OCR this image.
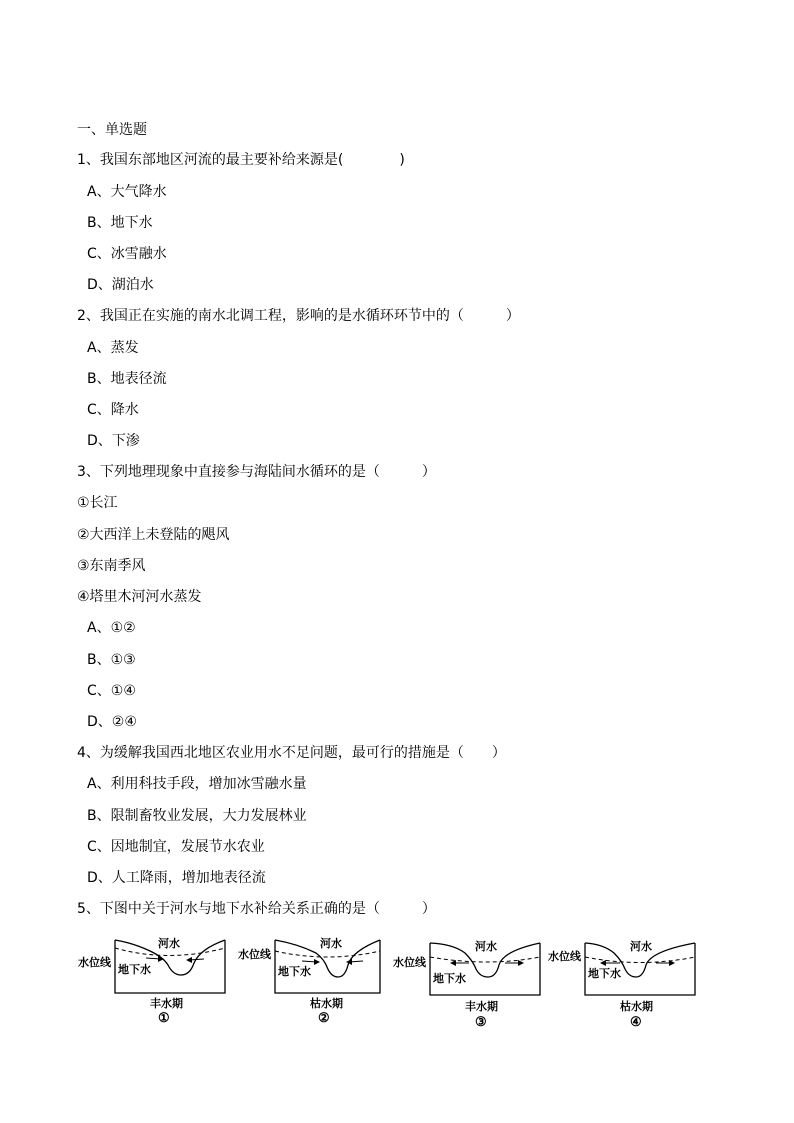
一、单选题
1、我国东部地区河流的最主要补给来源是(　　　　)
A、大气降水
B、地下水
C、冰雪融水
D、湖泊水
2、我国正在实施的南水北调工程，影响的是水循环环节中的（　　　）
A、蒸发
B、地表径流
C、降水
D、下渗
3、下列地理现象中直接参与海陆间水循环的是（　　　）
①长江
②大西洋上未登陆的飓风
③东南季风
④塔里木河河水蒸发
A、①②
B、①③
C、①④
D、②④
4、为缓解我国西北地区农业用水不足问题，最可行的措施是（　　）
A、利用科技手段，增加冰雪融水量
B、限制畜牧业发展，大力发展林业
C、因地制宜，发展节水农业
D、人工降雨，增加地表径流
5、下图中关于河水与地下水补给关系正确的是（　　　）
河水
水位线
地下水
丰水期
①
河水
水位线
地下水
枯水期
②
河水
水位线
地下水
丰水期
③
河水
水位线
地下水
枯水期
④
